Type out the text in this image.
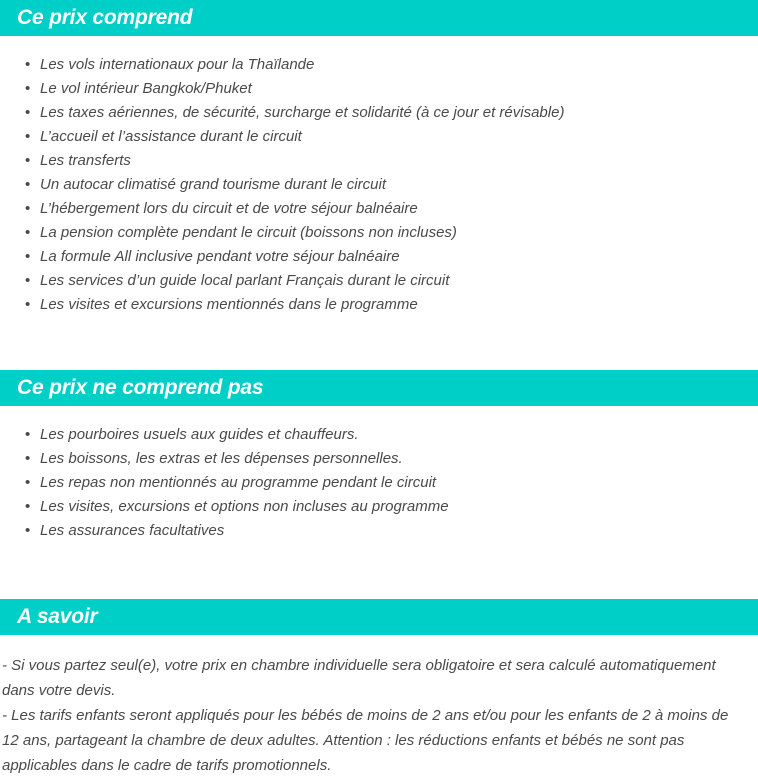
Ce prix comprend
• Les vols internationaux pour la Thaïlande
• Le vol intérieur Bangkok/Phuket
• Les taxes aériennes, de sécurité, surcharge et solidarité (à ce jour et révisable)
• L’accueil et l’assistance durant le circuit
• Les transferts
• Un autocar climatisé grand tourisme durant le circuit
• L’hébergement lors du circuit et de votre séjour balnéaire
• La pension complète pendant le circuit (boissons non incluses)
• La formule All inclusive pendant votre séjour balnéaire
• Les services d’un guide local parlant Français durant le circuit
• Les visites et excursions mentionnés dans le programme
Ce prix ne comprend pas
• Les pourboires usuels aux guides et chauffeurs.
• Les boissons, les extras et les dépenses personnelles.
• Les repas non mentionnés au programme pendant le circuit
• Les visites, excursions et options non incluses au programme
• Les assurances facultatives
A savoir

- Si vous partez seul(e), votre prix en chambre individuelle sera obligatoire et sera calculé automatiquement dans votre devis.

- Les tarifs enfants seront appliqués pour les bébés de moins de 2 ans et/ou pour les enfants de 2 à moins de 12 ans, partageant la chambre de deux adultes. Attention : les réductions enfants et bébés ne sont pas applicables dans le cadre de tarifs promotionnels.
